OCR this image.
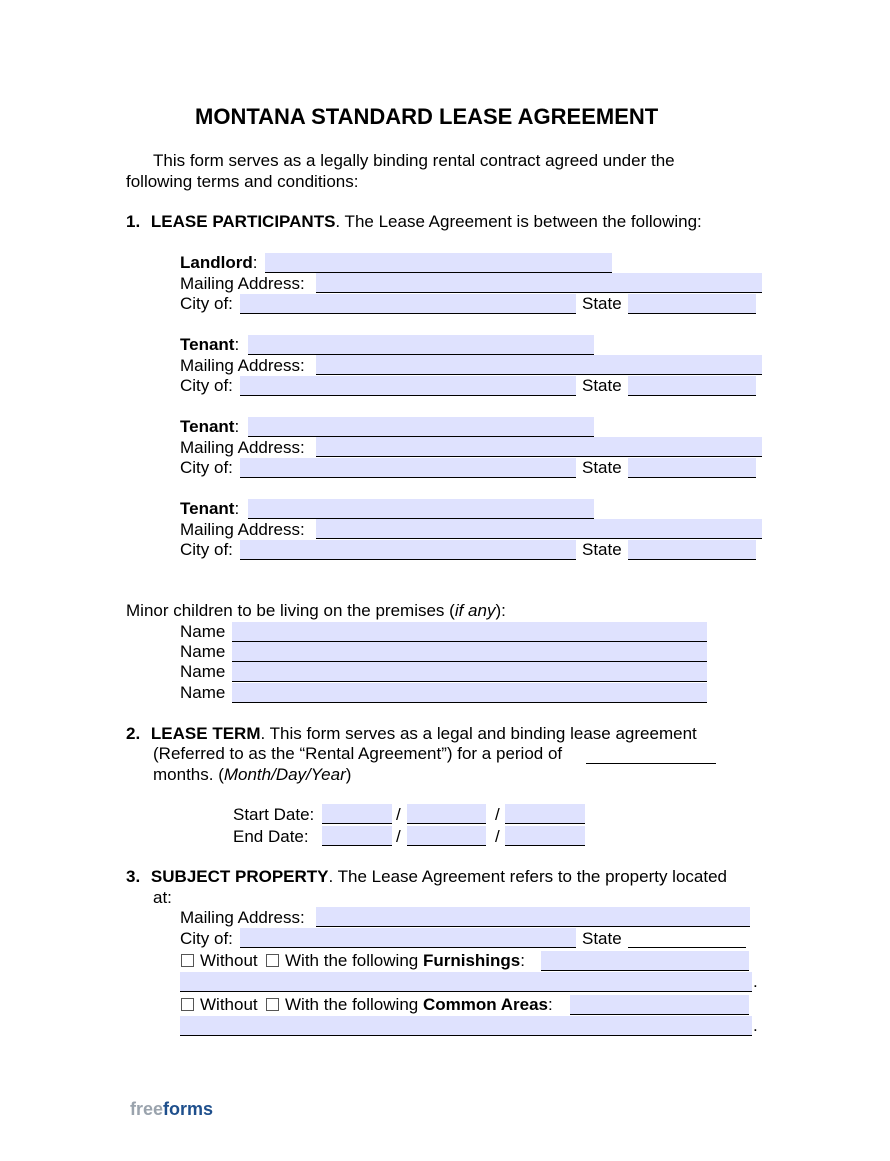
MONTANA STANDARD LEASE AGREEMENT
This form serves as a legally binding rental contract agreed under the
following terms and conditions:
1. LEASE PARTICIPANTS. The Lease Agreement is between the following:
Landlord:
Mailing Address:
City of:	State
Tenant:
Mailing Address:
City of:	State
Tenant:
Mailing Address:
City of:	State
Tenant:
Mailing Address:
City of:	State
Minor children to be living on the premises (if any):
Name
Name
Name
Name
2. LEASE TERM. This form serves as a legal and binding lease agreement
(Referred to as the “Rental Agreement”) for a period of
months. (Month/Day/Year)
Start Date:	/	/
End Date:	/	/
3. SUBJECT PROPERTY. The Lease Agreement refers to the property located
at:
Mailing Address:
City of:	State
Without With the following Furnishings:
.
Without With the following Common Areas:
.
freeforms
